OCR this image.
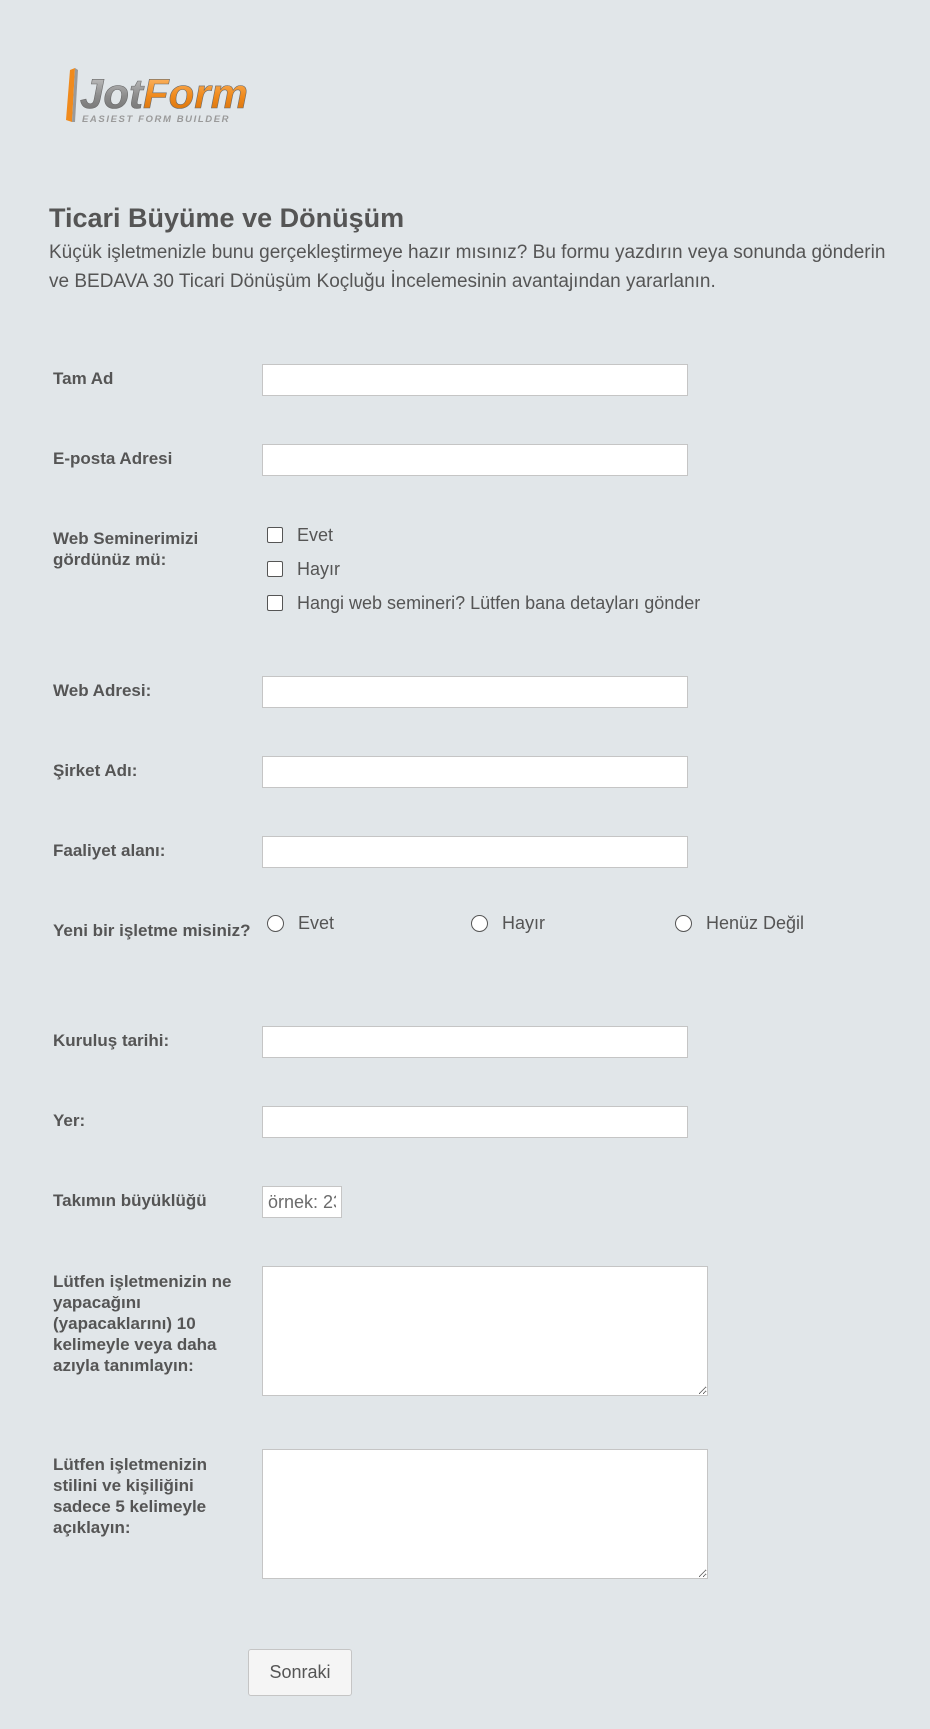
JotForm
EASIEST FORM BUILDER
Ticari Büyüme ve Dönüşüm

Küçük işletmenizle bunu gerçekleştirmeye hazır mısınız? Bu formu yazdırın veya sonunda gönderin ve BEDAVA 30 Ticari Dönüşüm Koçluğu İncelemesinin avantajından yararlanın.

Tam Ad
E-posta Adresi
Web Seminerimizi gördünüz mü:
Evet
Hayır
Hangi web semineri? Lütfen bana detayları gönder
Web Adresi:
Şirket Adı:
Faaliyet alanı:
Yeni bir işletme misiniz?	Evet	Hayır	Henüz Değil
Kuruluş tarihi:
Yer:
Takımın büyüklüğü
örnek: 23
Lütfen işletmenizin ne yapacağını (yapacaklarını) 10 kelimeyle veya daha azıyla tanımlayın:
Lütfen işletmenizin stilini ve kişiliğini sadece 5 kelimeyle açıklayın:
Sonraki
